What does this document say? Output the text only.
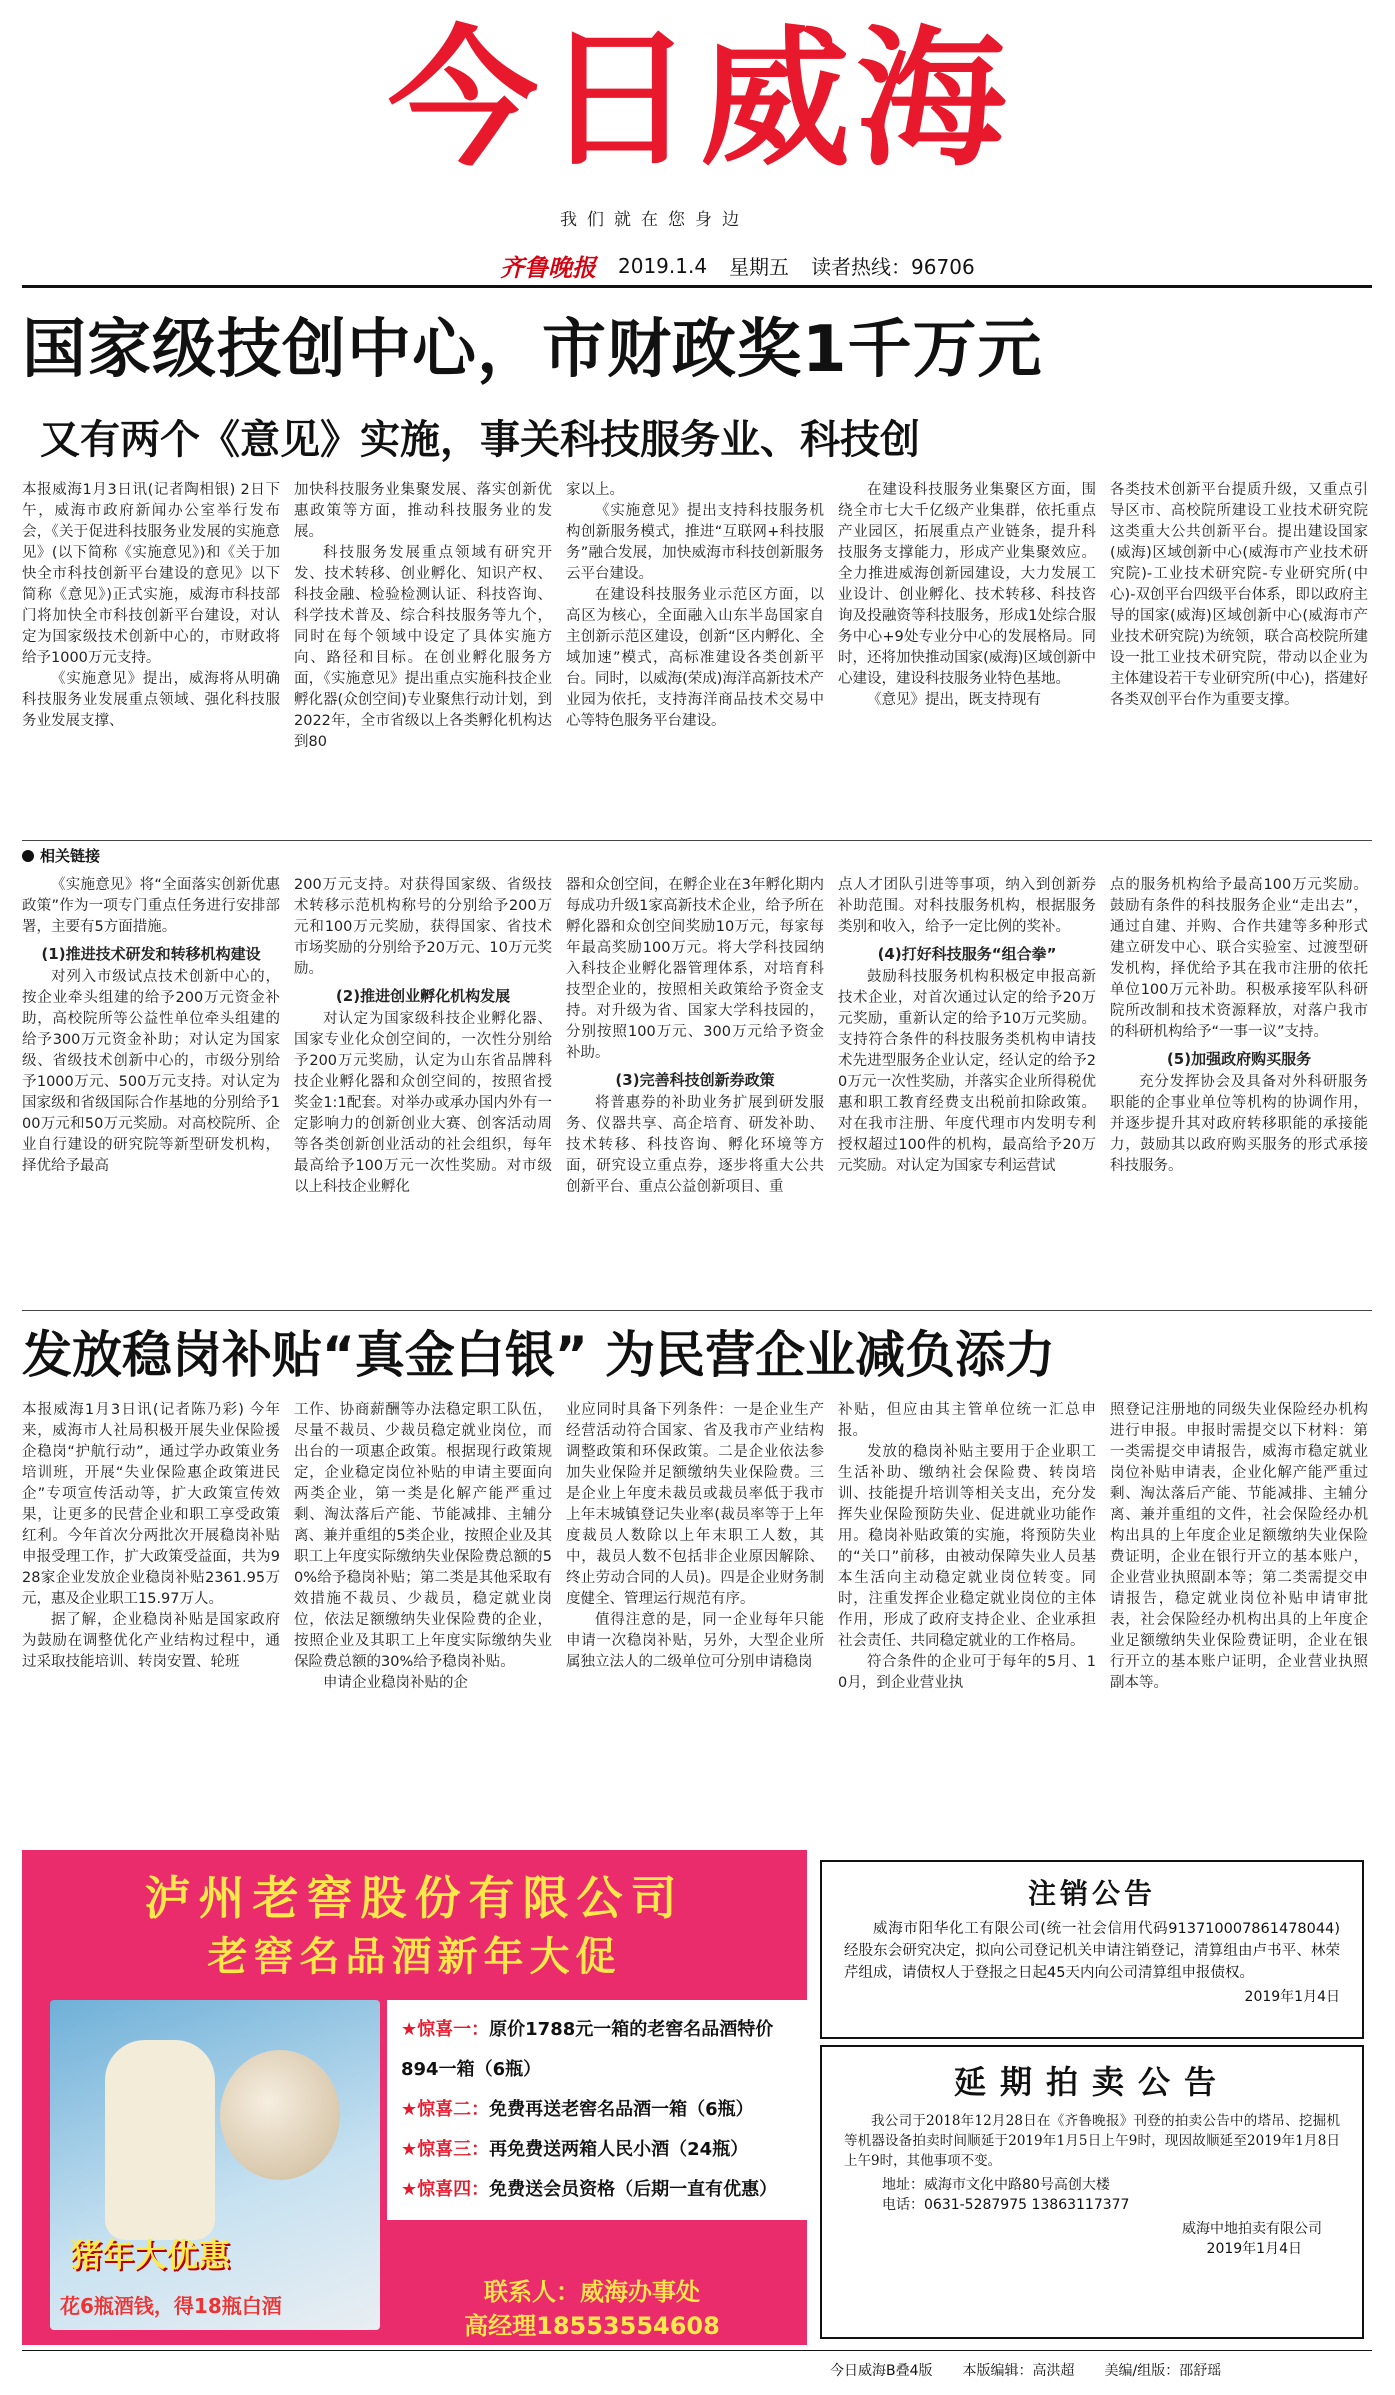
今日威海
我们就在您身边
齐鲁晚报 2019.1.4 星期五 读者热线：96706
国家级技创中心，市财政奖1千万元
又有两个《意见》实施，事关科技服务业、科技创

本报威海1月3日讯(记者陶相银) 2日下午，威海市政府新闻办公室举行发布会，《关于促进科技服务业发展的实施意见》(以下简称《实施意见》)和《关于加快全市科技创新平台建设的意见》以下简称《意见》)正式实施，威海市科技部门将加快全市科技创新平台建设，对认定为国家级技术创新中心的，市财政将给予1000万元支持。

《实施意见》提出，威海将从明确科技服务业发展重点领域、强化科技服务业发展支撑、

加快科技服务业集聚发展、落实创新优惠政策等方面，推动科技服务业的发展。

科技服务发展重点领域有研究开发、技术转移、创业孵化、知识产权、科技金融、检验检测认证、科技咨询、科学技术普及、综合科技服务等九个，同时在每个领域中设定了具体实施方向、路径和目标。在创业孵化服务方面，《实施意见》提出重点实施科技企业孵化器(众创空间)专业聚焦行动计划，到2022年，全市省级以上各类孵化机构达到80

家以上。

《实施意见》提出支持科技服务机构创新服务模式，推进“互联网+科技服务”融合发展，加快威海市科技创新服务云平台建设。

在建设科技服务业示范区方面，以高区为核心，全面融入山东半岛国家自主创新示范区建设，创新“区内孵化、全域加速”模式，高标准建设各类创新平台。同时，以威海(荣成)海洋高新技术产业园为依托，支持海洋商品技术交易中心等特色服务平台建设。

在建设科技服务业集聚区方面，围绕全市七大千亿级产业集群，依托重点产业园区，拓展重点产业链条，提升科技服务支撑能力，形成产业集聚效应。全力推进威海创新园建设，大力发展工业设计、创业孵化、技术转移、科技咨询及投融资等科技服务，形成1处综合服务中心+9处专业分中心的发展格局。同时，还将加快推动国家(威海)区域创新中心建设，建设科技服务业特色基地。

《意见》提出，既支持现有

各类技术创新平台提质升级，又重点引导区市、高校院所建设工业技术研究院这类重大公共创新平台。提出建设国家(威海)区域创新中心(威海市产业技术研究院)-工业技术研究院-专业研究所(中心)-双创平台四级平台体系，即以政府主导的国家(威海)区域创新中心(威海市产业技术研究院)为统领，联合高校院所建设一批工业技术研究院，带动以企业为主体建设若干专业研究所(中心)，搭建好各类双创平台作为重要支撑。

相关链接

《实施意见》将“全面落实创新优惠政策”作为一项专门重点任务进行安排部署，主要有5方面措施。

(1)推进技术研发和转移机构建设

对列入市级试点技术创新中心的，按企业牵头组建的给予200万元资金补助，高校院所等公益性单位牵头组建的给予300万元资金补助；对认定为国家级、省级技术创新中心的，市级分别给予1000万元、500万元支持。对认定为国家级和省级国际合作基地的分别给予100万元和50万元奖励。对高校院所、企业自行建设的研究院等新型研发机构，择优给予最高

200万元支持。对获得国家级、省级技术转移示范机构称号的分别给予200万元和100万元奖励，获得国家、省技术市场奖励的分别给予20万元、10万元奖励。

(2)推进创业孵化机构发展

对认定为国家级科技企业孵化器、国家专业化众创空间的，一次性分别给予200万元奖励，认定为山东省品牌科技企业孵化器和众创空间的，按照省授奖金1:1配套。对举办或承办国内外有一定影响力的创新创业大赛、创客活动周等各类创新创业活动的社会组织，每年最高给予100万元一次性奖励。对市级以上科技企业孵化

器和众创空间，在孵企业在3年孵化期内每成功升级1家高新技术企业，给予所在孵化器和众创空间奖励10万元，每家每年最高奖励100万元。将大学科技园纳入科技企业孵化器管理体系，对培育科技型企业的，按照相关政策给予资金支持。对升级为省、国家大学科技园的，分别按照100万元、300万元给予资金补助。

(3)完善科技创新券政策

将普惠券的补助业务扩展到研发服务、仪器共享、高企培育、研发补助、技术转移、科技咨询、孵化环境等方面，研究设立重点券，逐步将重大公共创新平台、重点公益创新项目、重

点人才团队引进等事项，纳入到创新券补助范围。对科技服务机构，根据服务类别和收入，给予一定比例的奖补。

(4)打好科技服务“组合拳”

鼓励科技服务机构积极定申报高新技术企业，对首次通过认定的给予20万元奖励，重新认定的给予10万元奖励。支持符合条件的科技服务类机构申请技术先进型服务企业认定，经认定的给予20万元一次性奖励，并落实企业所得税优惠和职工教育经费支出税前扣除政策。对在我市注册、年度代理市内发明专利授权超过100件的机构，最高给予20万元奖励。对认定为国家专利运营试

点的服务机构给予最高100万元奖励。鼓励有条件的科技服务企业“走出去”，通过自建、并购、合作共建等多种形式建立研发中心、联合实验室、过渡型研发机构，择优给予其在我市注册的依托单位100万元补助。积极承接军队科研院所改制和技术资源释放，对落户我市的科研机构给予“一事一议”支持。

(5)加强政府购买服务

充分发挥协会及具备对外科研服务职能的企事业单位等机构的协调作用，并逐步提升其对政府转移职能的承接能力，鼓励其以政府购买服务的形式承接科技服务。

发放稳岗补贴“真金白银” 为民营企业减负添力

本报威海1月3日讯(记者陈乃彩) 今年来，威海市人社局积极开展失业保险援企稳岗“护航行动”，通过学办政策业务培训班，开展“失业保险惠企政策进民企”专项宣传活动等，扩大政策宣传效果，让更多的民营企业和职工享受政策红利。今年首次分两批次开展稳岗补贴申报受理工作，扩大政策受益面，共为928家企业发放企业稳岗补贴2361.95万元，惠及企业职工15.97万人。

据了解，企业稳岗补贴是国家政府为鼓励在调整优化产业结构过程中，通过采取技能培训、转岗安置、轮班

工作、协商薪酬等办法稳定职工队伍，尽量不裁员、少裁员稳定就业岗位，而出台的一项惠企政策。根据现行政策规定，企业稳定岗位补贴的申请主要面向两类企业，第一类是化解产能严重过剩、淘汰落后产能、节能减排、主辅分离、兼并重组的5类企业，按照企业及其职工上年度实际缴纳失业保险费总额的50%给予稳岗补贴；第二类是其他采取有效措施不裁员、少裁员，稳定就业岗位，依法足额缴纳失业保险费的企业，按照企业及其职工上年度实际缴纳失业保险费总额的30%给予稳岗补贴。

申请企业稳岗补贴的企

业应同时具备下列条件：一是企业生产经营活动符合国家、省及我市产业结构调整政策和环保政策。二是企业依法参加失业保险并足额缴纳失业保险费。三是企业上年度未裁员或裁员率低于我市上年末城镇登记失业率(裁员率等于上年度裁员人数除以上年末职工人数，其中，裁员人数不包括非企业原因解除、终止劳动合同的人员)。四是企业财务制度健全、管理运行规范有序。

值得注意的是，同一企业每年只能申请一次稳岗补贴，另外，大型企业所属独立法人的二级单位可分别申请稳岗

补贴，但应由其主管单位统一汇总申报。

发放的稳岗补贴主要用于企业职工生活补助、缴纳社会保险费、转岗培训、技能提升培训等相关支出，充分发挥失业保险预防失业、促进就业功能作用。稳岗补贴政策的实施，将预防失业的“关口”前移，由被动保障失业人员基本生活向主动稳定就业岗位转变。同时，注重发挥企业稳定就业岗位的主体作用，形成了政府支持企业、企业承担社会责任、共同稳定就业的工作格局。

符合条件的企业可于每年的5月、10月，到企业营业执

照登记注册地的同级失业保险经办机构进行申报。申报时需提交以下材料：第一类需提交申请报告，威海市稳定就业岗位补贴申请表，企业化解产能严重过剩、淘汰落后产能、节能减排、主辅分离、兼并重组的文件，社会保险经办机构出具的上年度企业足额缴纳失业保险费证明，企业在银行开立的基本账户，企业营业执照副本等；第二类需提交申请报告，稳定就业岗位补贴申请审批表，社会保险经办机构出具的上年度企业足额缴纳失业保险费证明，企业在银行开立的基本账户证明，企业营业执照副本等。

泸州老窖股份有限公司
老窖名品酒新年大促
猪年大优惠
花6瓶酒钱，得18瓶白酒
★惊喜一：原价1788元一箱的老窖名品酒特价894一箱（6瓶）
★惊喜二：免费再送老窖名品酒一箱（6瓶）
★惊喜三：再免费送两箱人民小酒（24瓶）
★惊喜四：免费送会员资格（后期一直有优惠）
联系人：威海办事处
高经理18553554608
注销公告
威海市阳华化工有限公司(统一社会信用代码913710007861478044)经股东会研究决定，拟向公司登记机关申请注销登记，清算组由卢书平、林荣芹组成，请债权人于登报之日起45天内向公司清算组申报债权。
2019年1月4日
延期拍卖公告
我公司于2018年12月28日在《齐鲁晚报》刊登的拍卖公告中的塔吊、挖掘机等机器设备拍卖时间顺延于2019年1月5日上午9时，现因故顺延至2019年1月8日上午9时，其他事项不变。
地址：威海市文化中路80号高创大楼
电话：0631-5287975 13863117377
威海中地拍卖有限公司
2019年1月4日
今日威海B叠4版 本版编辑：高洪超 美编/组版：邵舒瑶
